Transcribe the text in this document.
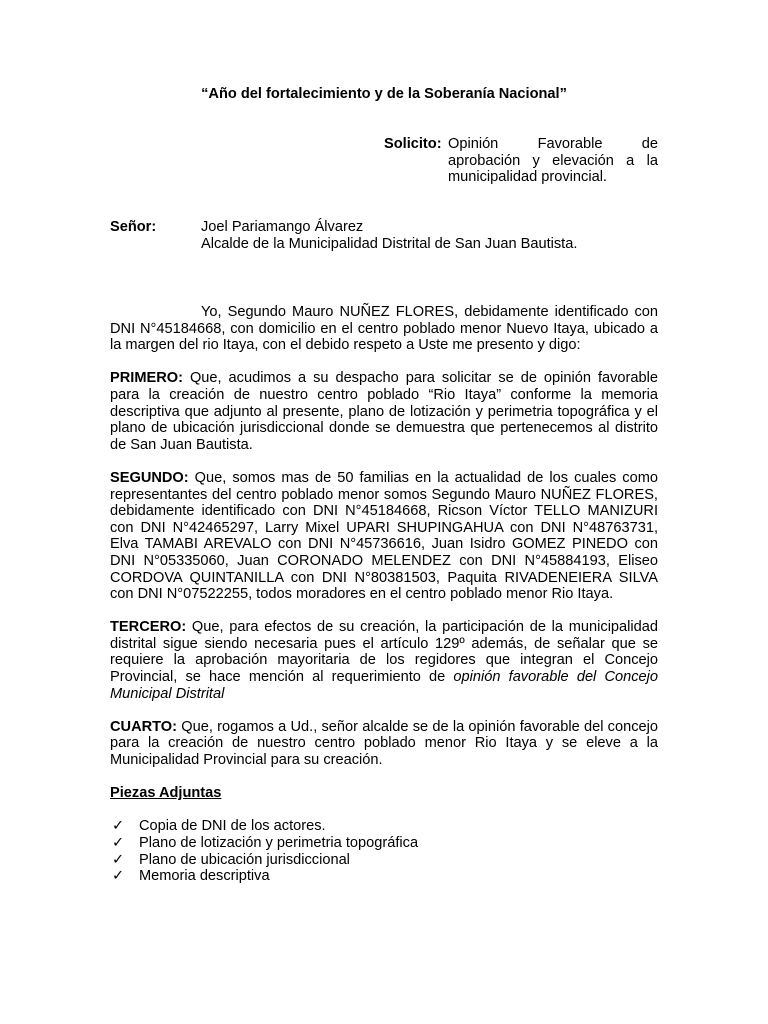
“Año del fortalecimiento y de la Soberanía Nacional”
Solicito: Opinión Favorable de aprobación y elevación a la municipalidad provincial.
Señor:	Joel Pariamango Álvarez
Alcalde de la Municipalidad Distrital de San Juan Bautista.

Yo, Segundo Mauro NUÑEZ FLORES, debidamente identificado con DNI N°45184668, con domicilio en el centro poblado menor Nuevo Itaya, ubicado a la margen del rio Itaya, con el debido respeto a Uste me presento y digo:

PRIMERO: Que, acudimos a su despacho para solicitar se de opinión favorable para la creación de nuestro centro poblado “Rio Itaya” conforme la memoria descriptiva que adjunto al presente, plano de lotización y perimetria topográfica y el plano de ubicación jurisdiccional donde se demuestra que pertenecemos al distrito de San Juan Bautista.

SEGUNDO: Que, somos mas de 50 familias en la actualidad de los cuales como representantes del centro poblado menor somos Segundo Mauro NUÑEZ FLORES, debidamente identificado con DNI N°45184668, Ricson Víctor TELLO MANIZURI con DNI N°42465297, Larry Mixel UPARI SHUPINGAHUA con DNI N°48763731, Elva TAMABI AREVALO con DNI N°45736616, Juan Isidro GOMEZ PINEDO con DNI N°05335060, Juan CORONADO MELENDEZ con DNI N°45884193, Eliseo CORDOVA QUINTANILLA con DNI N°80381503, Paquita RIVADENEIERA SILVA con DNI N°07522255, todos moradores en el centro poblado menor Rio Itaya.

TERCERO: Que, para efectos de su creación, la participación de la municipalidad distrital sigue siendo necesaria pues el artículo 129º además, de señalar que se requiere la aprobación mayoritaria de los regidores que integran el Concejo Provincial, se hace mención al requerimiento de opinión favorable del Concejo Municipal Distrital

CUARTO: Que, rogamos a Ud., señor alcalde se de la opinión favorable del concejo para la creación de nuestro centro poblado menor Rio Itaya y se eleve a la Municipalidad Provincial para su creación.

Piezas Adjuntas
✓	Copia de DNI de los actores.
✓	Plano de lotización y perimetria topográfica
✓	Plano de ubicación jurisdiccional
✓	Memoria descriptiva
